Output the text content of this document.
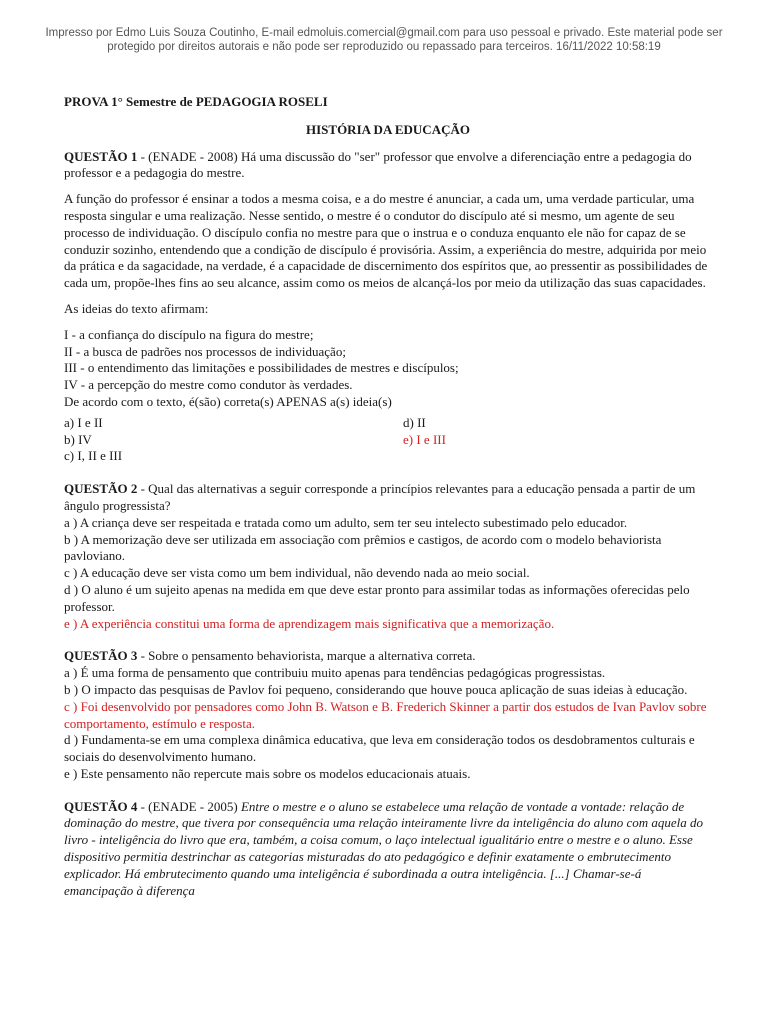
Impresso por Edmo Luis Souza Coutinho, E-mail edmoluis.comercial@gmail.com para uso pessoal e privado. Este material pode ser
protegido por direitos autorais e não pode ser reproduzido ou repassado para terceiros. 16/11/2022 10:58:19

PROVA 1° Semestre de PEDAGOGIA ROSELI

HISTÓRIA DA EDUCAÇÃO

QUESTÃO 1 - (ENADE - 2008) Há uma discussão do "ser" professor que envolve a diferenciação entre a pedagogia do professor e a pedagogia do mestre.

A função do professor é ensinar a todos a mesma coisa, e a do mestre é anunciar, a cada um, uma verdade particular, uma resposta singular e uma realização. Nesse sentido, o mestre é o condutor do discípulo até si mesmo, um agente de seu processo de individuação. O discípulo confia no mestre para que o instrua e o conduza enquanto ele não for capaz de se conduzir sozinho, entendendo que a condição de discípulo é provisória. Assim, a experiência do mestre, adquirida por meio da prática e da sagacidade, na verdade, é a capacidade de discernimento dos espíritos que, ao pressentir as possibilidades de cada um, propõe-lhes fins ao seu alcance, assim como os meios de alcançá-los por meio da utilização das suas capacidades.

As ideias do texto afirmam:

I - a confiança do discípulo na figura do mestre;
II - a busca de padrões nos processos de individuação;
III - o entendimento das limitações e possibilidades de mestres e discípulos;
IV - a percepção do mestre como condutor às verdades.
De acordo com o texto, é(são) correta(s) APENAS a(s) ideia(s)
a) I e II
b) IV
c) I, II e III
d) II
e) I e III

QUESTÃO 2 - Qual das alternativas a seguir corresponde a princípios relevantes para a educação pensada a partir de um ângulo progressista?

a ) A criança deve ser respeitada e tratada como um adulto, sem ter seu intelecto subestimado pelo educador.
b ) A memorização deve ser utilizada em associação com prêmios e castigos, de acordo com o modelo behaviorista pavloviano.
c ) A educação deve ser vista como um bem individual, não devendo nada ao meio social.
d ) O aluno é um sujeito apenas na medida em que deve estar pronto para assimilar todas as informações oferecidas pelo professor.
e ) A experiência constitui uma forma de aprendizagem mais significativa que a memorização.

QUESTÃO 3 - Sobre o pensamento behaviorista, marque a alternativa correta.

a ) É uma forma de pensamento que contribuiu muito apenas para tendências pedagógicas progressistas.
b ) O impacto das pesquisas de Pavlov foi pequeno, considerando que houve pouca aplicação de suas ideias à educação.
c ) Foi desenvolvido por pensadores como John B. Watson e B. Frederich Skinner a partir dos estudos de Ivan Pavlov sobre comportamento, estímulo e resposta.
d ) Fundamenta-se em uma complexa dinâmica educativa, que leva em consideração todos os desdobramentos culturais e sociais do desenvolvimento humano.
e ) Este pensamento não repercute mais sobre os modelos educacionais atuais.

QUESTÃO 4 - (ENADE - 2005) Entre o mestre e o aluno se estabelece uma relação de vontade a vontade: relação de dominação do mestre, que tivera por consequência uma relação inteiramente livre da inteligência do aluno com aquela do livro - inteligência do livro que era, também, a coisa comum, o laço intelectual igualitário entre o mestre e o aluno. Esse dispositivo permitia destrinchar as categorias misturadas do ato pedagógico e definir exatamente o embrutecimento explicador. Há embrutecimento quando uma inteligência é subordinada a outra inteligência. [...] Chamar-se-á emancipação à diferença
